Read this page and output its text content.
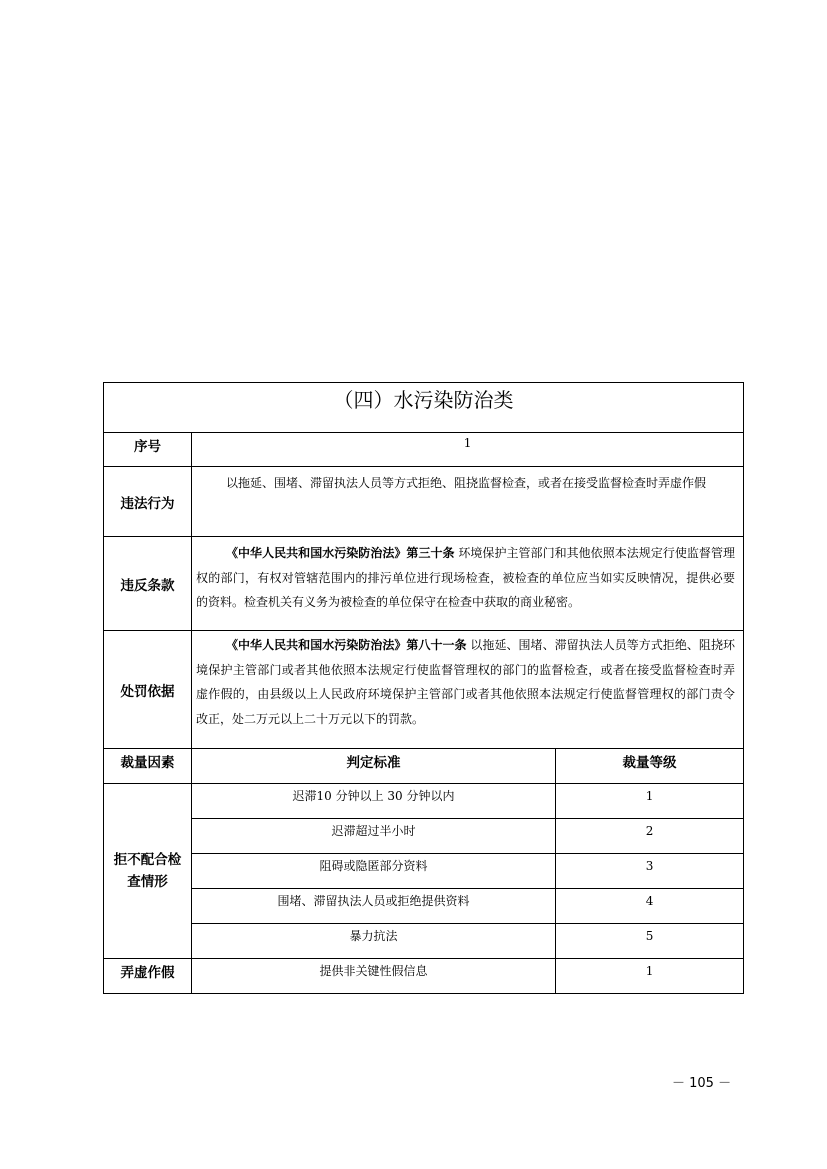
（四）水污染防治类		
序号	1	
违法行为	以拖延、围堵、滞留执法人员等方式拒绝、阻挠监督检查，或者在接受监督检查时弄虚作假	
违反条款	《中华人民共和国水污染防治法》第三十条 环境保护主管部门和其他依照本法规定行使监督管理权的部门，有权对管辖范围内的排污单位进行现场检查，被检查的单位应当如实反映情况，提供必要的资料。检查机关有义务为被检查的单位保守在检查中获取的商业秘密。	
处罚依据	《中华人民共和国水污染防治法》第八十一条 以拖延、围堵、滞留执法人员等方式拒绝、阻挠环境保护主管部门或者其他依照本法规定行使监督管理权的部门的监督检查，或者在接受监督检查时弄虚作假的，由县级以上人民政府环境保护主管部门或者其他依照本法规定行使监督管理权的部门责令改正，处二万元以上二十万元以下的罚款。	
裁量因素	判定标准	裁量等级
拒不配合检查情形	迟滞10 分钟以上 30 分钟以内	1
	迟滞超过半小时	2
	阻碍或隐匿部分资料	3
	围堵、滞留执法人员或拒绝提供资料	4
	暴力抗法	5
弄虚作假	提供非关键性假信息	1
－ 105 －
